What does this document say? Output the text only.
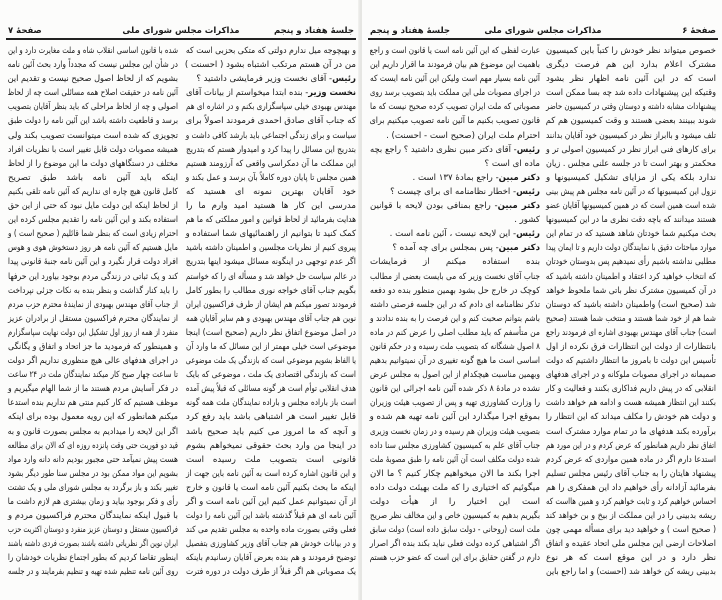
جلسهٔ هفتاد و پنجم
مذاکرات مجلس شورای ملی
صفحهٔ ۷
و بهیچوجه میل ندارم دولتی که متکی بحزبی است که
من در آن هستم مرتکب اشتباه بشود ( احسنت )
رئیس- آقای نخست وزیر فرمایشی داشتید ؟
نخست وزیر- بنده ابتدا میخواستم از بیانات آقای
مهندس بهبودی خیلی سپاسگزاری بکنم و در اشاره ای هم
که جناب آقای صادق احمدی فرمودند اصولاً برای
سیاست و برای زندگی اجتماعی باید بارشد کافی داشت و
بتدریج این مسائل را پیدا کرد و امیدوار هستم که بتدریج
این مملکت ما آن دمکراسی واقعی که آرزومند هستیم
همین مجلس تا پایان دوره کاملاً بآن برسد و عمل بکند و
خود آقایان بهترین نمونه ای هستید که
مدرسی این کار ها هستید امید وارم ما را
هدایت بفرمائید از لحاظ قوانین و امور مملکتی که ما هم
کمک کنید تا بتوانیم از راهنمائیهای شما استفاده و
پیروی کنیم از نظریات مجلسین و اطمینان داشته باشید
اگر عدم توجهی در اینگونه مسائل میشود اینها بتدریج
در عالم سیاست حل خواهد شد و مسأله ای را که خواستم
بگویم جناب آقای خواجه نوری مطالب را بطور کامل
فرمودند تصور میکنم هم ایشان از طرف فراکسیون ایران
نوین هم جناب آقای مهندس بهبودی و هم سایر آقایان همه
در اصل موضوع اتفاق نظر داریم (صحیح است) اینجا
موضوعی است خیلی مهمتر از این مسائل که ما وارد آن
یا الفاظ بشویم موضوعی است که بازندگی یک ملت موضوعی
است که بازندگی اقتصادی یک ملت ، موضوعی که بایک
هدف انقلابی توأم است هر گونه مسائلی که قبلاً پیش آمده
است باز باراده مجلس و باراده نمایندگان ملت همه گونه
قابل تغییر است هر اشتباهی باشد باید رفع کرد
و آنچه که ما امروز می کنیم باید صحیح باشد
در اینجا من وارد بحث حقوقی نمیخواهم بشوم
قانونی است بتصویب ملت رسیده است
و این قانون اشاره کرده است به آئین نامه باین جهت از
اینکه ما بحث بکنیم آئین نامه است یا قانون و خارج
از آن نمیتوانیم عمل کنیم این آئین نامه است و اگر
آئین نامه ای هم قبلاً گذشته باشد این آئین نامه را دولت
فعلی وقتی بصورت ماده واحده به مجلس تقدیم می کند
و در بیانات خودش هم جناب آقای وزیر کشاورزی بتفصیل
توضیح فرمودند و هم بنده بعرض آقایان رسانیدم باینکه
یک مصوباتی هم اگر قبلاً از طرف دولت در دوره فترت
شده با قانون اساسی انقلاب شاه و ملت مغایرت دارد و این
در شأن این مجلس نیست که مجدداً وارد بحث آئین نامه
بشویم که از لحاظ اصول صحیح نیست و تقدیم این
آئین نامه در حقیقت اصلاح همه مسائلی است چه از لحاظ
اصولی و چه از لحاظ مراحلی که باید بنظر آقایان بتصویب
برسد و قاطعیت داشته باشد این آئین نامه را دولت طبق
تجویزی که شده است میتوانست تصویب بکند ولی
همیشه مصوبات دولت قابل تغییر است با نظریات افراد
مختلف در دستگاههای دولت ما این موضوع را از لحاظ
اینکه باید آئین نامه باشد طبق تصریح
کامل قانون هیچ چاره ای نداریم که آئین نامه تلقی بکنیم
از لحاظ اینکه این دولت مایل نبود که حتی از این حق
استفاده بکند و این آئین نامه را تقدیم مجلس کرده این
احترام زیادی است که بنظر شما قائلیم ( صحیح است ) و
مایل هستیم که آئین نامه هر روز دستخوش هوی و هوس
افراد دولت قرار نگیرد و این آئین نامه جنبهٔ قانونی پیدا
کند و یک ثباتی در زندگی مردم بوجود بیاورد این حرفها
را باید کنار گذاشت و بنظر بنده به نکات جزئی نپرداخت
از جناب آقای مهندس بهبودی از نمایندهٔ محترم حزب مردم
از نمایندگان محترم فراکسیون مستقل از برادران عزیز
منفرد از همه از روز اول تشکیل این دولت نهایت سپاسگزارم
و همینطور که فرمودید ما جز اتحاد و اتفاق و یگانگی
در اجرای هدفهای عالی هیچ منظوری نداریم اگر دولت
تا ساعت چهار صبح کار میکند نمایندگان ملت در ۲۴ ساعت
در فکر آسایش مردم هستند ما از شما الهام میگیریم و
موظف هستیم که کار کنیم منتی هم نداریم بنده استدعا
میکنم همانطور که این رویه معمول بوده برای اینکه
اگر این لایحه را میدادیم به مجلس بصورت قانون و به
قید دو فوریت حتی وقت پانزده روزه ای که الان برای مطالعه
هست پیش نمیآمد حتی مجبور بودیم دانه دانه وارد مواد
بشویم این مواد ممکن بود در مجلس سنا طور دیگر بشود
تغییر بکند و باز برگردد به مجلس شورای ملی و یک تشتت
رأی و فکر بوجود بیاید و زمان بیشتری هم لازم داشت ما
با قبول اینکه نمایندگان محترم فراکسیون مردم و
فراکسیون مستقل و دوستان عزیز منفرد و دوستان اکثریت حزب
ایران نوین اگر نظریاتی داشته باشند بصورت فردی داشته باشند
اینطور تقاضا کردیم که بطور اجتماع نظریات خودشان را
روی آئین نامه تنظیم شده تهیه و تنظیم بفرمایند و در جلسه
جلسهٔ هفتاد و پنجم	مذاکرات مجلس شورای ملی	صفحهٔ ۶
خصوص میتواند نظر خودش را کتباً باین کمیسیون
مشترک اعلام بدارد این هم فرصت دیگری
است که در این آئین نامه اظهار نظر بشود
وقتیکه این پیشنهادات داده شد چه بسا ممکن است
پیشنهادات مشابه داشته و دوستان وقتی در کمیسیون حاضر
شوند ببینند بعضی هستند و وقت کمیسیون هم کم
تلف میشود و باابراز نظر در کمیسیون خود آقایان بدانند
برای کارهای فنی ابراز نظر در کمیسیون اصولی تر و
محکمتر و بهتر است تا در جلسه علنی مجلس . زیان
ندارد بلکه یکی از مزایای تشکیل کمیسیونها و
نزول این کمیسیونها که در آئین نامه مجلس هم پیش بینی
شده است همین است که در همین کمیسیونها آقایان عضو
هستند میدانند که باچه دقت نظری ما در این کمیسیونها
بحث میکنیم شما خودتان شاهد هستید که در تمام این
موارد مباحثات دقیق با نمایندگان دولت داریم و تا ایمان پیدا
مطلبی نداشته باشیم رأی نمیدهیم پس بدوستان خودتان
که انتخاب خواهید کرد اعتقاد و اطمینان داشته باشید که
در آن کمیسیون مشترک نظر باتی شما ملحوظ خواهد
شد (صحیح است) واطمینان داشته باشید که دوستان
شما هم از خود شما هستند و منتخب شما هستند (صحیح
است) جناب آقای مهندس بهبودی اشاره ای فرمودند راجع
بانتظارات از دولت این انتظارات فرق نکرده از اول
تأسیس این دولت تا بامروز ما انتظار داشتیم که دولت
صمیمانه در اجرای مصوبات ملوکانه و در اجرای هدفهای
انقلابی که در پیش داریم فداکاری بکنند و فعالیت و کار
بکنند این انتظار همیشه هست و ادامه هم خواهد داشت
و دولت هم خودش را مکلف میداند که این انتظار را
برآورده بکند هدفهای ما در تمام موارد مشترک است
اتفاق نظر داریم همانطور که عرض کردم و در این مورد هم
استدعا دارم اگر در ماده همین مواردی که عرض کردم
پیشنهاد هایتان را به جناب آقای رئیس مجلس تسلیم
بفرمائید آزادانه رأی خواهیم داد این همفکری را هم
احساس خواهیم کرد و ثابت خواهیم کرد و همین هااست که
ریشه بدبینی را در این مملکت از بیخ و بن خواهد کند
( صحیح است ) و خواهید دید برای مسأله مهمی چون
اصلاحات ارضی این مجلس ملی اتحاد عقیده و اتفاق
نظر دارد و در این موقع است که هر نوع
بدبینی ریشه کن خواهد شد (احسنت) و اما راجع باین
عبارت لفظی که این آئین نامه است یا قانون است و راجع
باهمیت این موضوع هم بیان فرمودند ما اقرار داریم این
آئین نامه بسیار مهم است ولیکن این آئین نامه ایست که
در اجرای مصوبات ملی این مملکت باید بتصویب برسد روی
مصوباتی که ملت ایران تصویب کرده صحیح نیست که ما
قانون تصویب بکنیم ما آئین نامه تصویب میکنیم برای
احترام ملت ایران (صحیح است - احسنت) .
رئیس- آقای دکتر مبین نظری داشتید ؟ راجع بچه
ماده ای است ؟
دکتر مبین- راجع بمادهٔ ۱۳۷ است .
رئیس- اخطار نظامنامه ای برای چیست ؟
دکتر مبین- راجع بمنافی بودن لایحه با قوانین
کشور .
رئیس- این لایحه نیست ، آئین نامه است .
دکتر مبین- پس بمجلس برای چه آمده ؟
بنده استفاده میکنم از فرمایشات
جناب آقای نخست وزیر که می بایست بعضی از مطالب
کوچک در خارج حل بشود بهمین منظور بنده دو دفعه
تذکر نظامنامه ای دادم که در این جلسه فرصتی داشته
باشم بتوانم صحبت کنم و این فرصت را به بنده ندادند و
من متأسفم که باید مطلب اصلی را عرض کنم در ماده
۸ اصول ششگانه که بتصویب ملت رسیده و در حکم قانون
اساسی است ما هیچ گونه تغییری در آن نمیتوانیم بدهیم
وبهمین مناسبت هیچکدام از این اصول به مجلس عرض
نشده در مادهٔ ۸ ذکر شده آئین نامه اجرائی این قانون
را وزارت کشاورزی تهیه و پس از تصویب هیئت وزیران
بموقع اجرا میگذارد این آئین نامه تهیه هم شده و
بتصویب هیئت وزیران هم رسیده و در زمان نخست وزیری
جناب آقای علم به کمیسیون کشاورزی مجلس سنا داده
شده دولت مکلف است آن آئین نامه را طبق مصوبهٔ ملت
اجرا بکند ما الان میخواهیم چکار کنیم ؟ ما الان
میگوئیم که اختیاری را که ملت بهیئت دولت داده
است این اختیار را از هیأت دولت
بگیریم بدهیم به کمیسیون خاص و این مخالف نظر صریح
ملت است (روحانی - دولت سابق داده است) دولت سابق
اگر اشتباهی کرده دولت فعلی نباید بکند بنده اگر اصرار
دارم در گفتن حقایق برای این است که عضو حزب هستم
